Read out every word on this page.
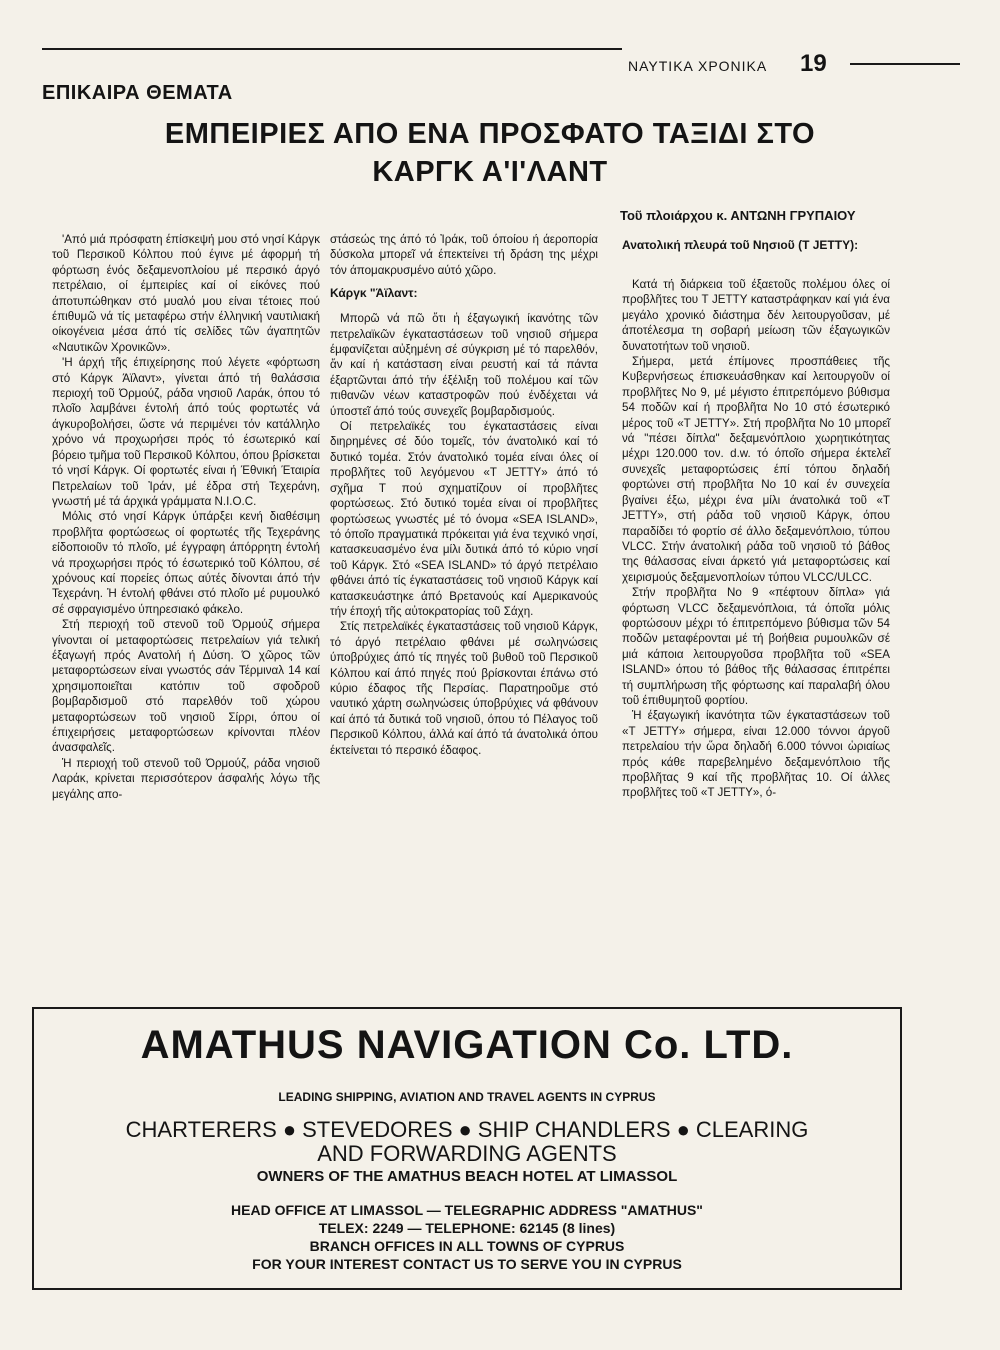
ΝΑΥΤΙΚΑ ΧΡΟΝΙΚΑ 19
ΕΠΙΚΑΙΡΑ ΘΕΜΑΤΑ
ΕΜΠΕΙΡΙΕΣ ΑΠΟ ΕΝΑ ΠΡΟΣΦΑΤΟ ΤΑΞΙΔΙ ΣΤΟ
ΚΑΡΓΚ Α'Ι'ΛΑΝΤ
Τοῦ πλοιάρχου κ. ΑΝΤΩΝΗ ΓΡΥΠΑΙΟΥ

'Από μιά πρόσφατη έπίσκεψή μου στό νησί Κάργκ τοῦ Περσικοῦ Κόλπου πού έγινε μέ άφορμή τή φόρτωση ένός δεξαμενοπλοίου μέ περσικό άργό πετρέλαιο, οί έμπειρίες καί οί είκόνες πού άποτυπώθηκαν στό μυαλό μου είναι τέτοιες πού έπιθυμῶ νά τίς μεταφέρω στήν έλληνική ναυτιλιακή οίκογένεια μέσα άπό τίς σελίδες τῶν άγαπητῶν «Ναυτικῶν Χρονικῶν».

'Η άρχή τῆς έπιχείρησης πού λέγετε «φόρτωση στό Κάργκ Άϊλαντ», γίνεται άπό τή θαλάσσια περιοχή τοῦ Όρμούζ, ράδα νησιοῦ Λαράκ, όπου τό πλοῖο λαμβάνει έντολή άπό τούς φορτωτές νά άγκυροβολήσει, ὥστε νά περιμένει τόν κατάλληλο χρόνο νά προχωρήσει πρός τό έσωτερικό καί βόρειο τμῆμα τοῦ Περσικοῦ Κόλπου, όπου βρίσκεται τό νησί Κάργκ. Οί φορτωτές είναι ή Έθνική Έταιρία Πετρελαίων τοῦ Ἰράν, μέ έδρα στή Τεχεράνη, γνωστή μέ τά άρχικά γράμματα Ν.Ι.Ο.C.

Μόλις στό νησί Κάργκ ύπάρξει κενή διαθέσιμη προβλῆτα φορτώσεως οί φορτωτές τῆς Τεχεράνης είδοποιοῦν τό πλοῖο, μέ έγγραφη άπόρρητη έντολή νά προχωρήσει πρός τό έσωτερικό τοῦ Κόλπου, σέ χρόνους καί πορείες όπως αύτές δίνονται άπό τήν Τεχεράνη. Ἡ έντολή φθάνει στό πλοῖο μέ ρυμουλκό σέ σφραγισμένο ύπηρεσιακό φάκελο.

Στή περιοχή τοῦ στενοῦ τοῦ Όρμούζ σήμερα γίνονται οί μεταφορτώσεις πετρελαίων γιά τελική έξαγωγή πρός Ανατολή ή Δύση. Ό χῶρος τῶν μεταφορτώσεων είναι γνωστός σάν Τέρμιναλ 14 καί χρησιμοποιεῖται κατόπιν τοῦ σφοδροῦ βομβαρδισμοῦ στό παρελθόν τοῦ χώρου μεταφορτώσεων τοῦ νησιοῦ Σίρρι, όπου οί έπιχειρήσεις μεταφορτώσεων κρίνονται πλέον άνασφαλεῖς.

Ἡ περιοχή τοῦ στενοῦ τοῦ Όρμούζ, ράδα νησιοῦ Λαράκ, κρίνεται περισσότερον άσφαλής λόγω τῆς μεγάλης απο-

στάσεώς της άπό τό Ἰράκ, τοῦ όποίου ή άεροπορία δύσκολα μπορεῖ νά έπεκτείνει τή δράση της μέχρι τόν άπομακρυσμένο αύτό χῶρο.

Κάργκ "Άϊλαντ:

Μπορῶ νά πῶ ὅτι ἡ έξαγωγική ίκανότης τῶν πετρελαϊκῶν έγκαταστάσεων τοῦ νησιοῦ σήμερα έμφανίζεται αὐξημένη σέ σύγκριση μέ τό παρελθόν, ἄν καί ή κατάσταση είναι ρευστή καί τά πάντα έξαρτῶνται άπό τήν έξέλιξη τοῦ πολέμου καί τῶν πιθανῶν νέων καταστροφῶν πού ένδέχεται νά ύποστεῖ άπό τούς συνεχεῖς βομβαρδισμούς.

Οί πετρελαϊκές του έγκαταστάσεις είναι διηρημένες σέ δύο τομεῖς, τόν άνατολικό καί τό δυτικό τομέα. Στόν άνατολικό τομέα είναι όλες οί προβλῆτες τοῦ λεγόμενου «T JETTY» άπό τό σχῆμα Τ πού σχηματίζουν οί προβλῆτες φορτώσεως. Στό δυτικό τομέα είναι οί προβλῆτες φορτώσεως γνωστές μέ τό όνομα «SEA ISLAND», τό όποῖο πραγματικά πρόκειται γιά ένα τεχνικό νησί, κατασκευασμένο ένα μίλι δυτικά άπό τό κύριο νησί τοῦ Κάργκ. Στό «SEA ISLAND» τό άργό πετρέλαιο φθάνει άπό τίς έγκαταστάσεις τοῦ νησιοῦ Κάργκ καί κατασκευάστηκε άπό Βρετανούς καί Αμερικανούς τήν έποχή τῆς αὐτοκρατορίας τοῦ Σάχη.

Στίς πετρελαϊκές έγκαταστάσεις τοῦ νησιοῦ Κάργκ, τό άργό πετρέλαιο φθάνει μέ σωληνώσεις ύποβρύχιες άπό τίς πηγές τοῦ βυθοῦ τοῦ Περσικοῦ Κόλπου καί άπό πηγές πού βρίσκονται έπάνω στό κύριο έδαφος τῆς Περσίας. Παρατηροῦμε στό ναυτικό χάρτη σωληνώσεις ύποβρύχιες νά φθάνουν καί άπό τά δυτικά τοῦ νησιοῦ, όπου τό Πέλαγος τοῦ Περσικοῦ Κόλπου, άλλά καί άπό τά άνατολικά όπου έκτείνεται τό περσικό έδαφος.

Ανατολική πλευρά τοῦ Νησιοῦ (Τ JETTY):

Κατά τή διάρκεια τοῦ έξαετοῦς πολέμου όλες οί προβλῆτες του Τ JETTY καταστράφηκαν καί γιά ένα μεγάλο χρονικό διάστημα δέν λειτουργοῦσαν, μέ άποτέλεσμα τη σοβαρή μείωση τῶν έξαγωγικῶν δυνατοτήτων τοῦ νησιοῦ.

Σήμερα, μετά έπίμονες προσπάθειες τῆς Κυβερνήσεως έπισκευάσθηκαν καί λειτουργοῦν οί προβλῆτες Νο 9, μέ μέγιστο έπιτρεπόμενο βύθισμα 54 ποδῶν καί ή προβλῆτα Νο 10 στό έσωτερικό μέρος τοῦ «Τ JETTY». Στή προβλῆτα Νο 10 μπορεῖ νά "πέσει δίπλα" δεξαμενόπλοιο χωρητικότητας μέχρι 120.000 τον. d.w. τό όποῖο σήμερα έκτελεῖ συνεχεῖς μεταφορτώσεις έπί τόπου δηλαδή φορτώνει στή προβλῆτα Νο 10 καί έν συνεχεία βγαίνει έξω, μέχρι ένα μίλι άνατολικά τοῦ «Τ JETTY», στή ράδα τοῦ νησιοῦ Κάργκ, όπου παραδίδει τό φορτίο σέ άλλο δεξαμενόπλοιο, τύπου VLCC. Στήν άνατολική ράδα τοῦ νησιοῦ τό βάθος της θάλασσας είναι άρκετό γιά μεταφορτώσεις καί χειρισμούς δεξαμενοπλοίων τύπου VLCC/ULCC.

Στήν προβλῆτα Νο 9 «πέφτουν δίπλα» γιά φόρτωση VLCC δεξαμενόπλοια, τά όποῖα μόλις φορτώσουν μέχρι τό έπιτρεπόμενο βύθισμα τῶν 54 ποδῶν μεταφέρονται μέ τή βοήθεια ρυμουλκῶν σέ μιά κάποια λειτουργοῦσα προβλῆτα τοῦ «SEA ISLAND» όπου τό βάθος τῆς θάλασσας έπιτρέπει τή συμπλήρωση τῆς φόρτωσης καί παραλαβή όλου τοῦ έπιθυμητοῦ φορτίου.

Ἡ έξαγωγική ίκανότητα τῶν έγκαταστάσεων τοῦ «Τ JETTY» σήμερα, είναι 12.000 τόννοι άργοῦ πετρελαίου τήν ὥρα δηλαδή 6.000 τόννοι ὡριαίως πρός κάθε παρεβελημένο δεξαμενόπλοιο τῆς προβλῆτας 9 καί τῆς προβλῆτας 10. Οί άλλες προβλῆτες τοῦ «Τ JETTY», ό-

AMATHUS NAVIGATION Co. LTD.
LEADING SHIPPING, AVIATION AND TRAVEL AGENTS IN CYPRUS
CHARTERERS ● STEVEDORES ● SHIP CHANDLERS ● CLEARING
AND FORWARDING AGENTS
OWNERS OF THE AMATHUS BEACH HOTEL AT LIMASSOL
HEAD OFFICE AT LIMASSOL — TELEGRAPHIC ADDRESS "AMATHUS"
TELEX: 2249 — TELEPHONE: 62145 (8 lines)
BRANCH OFFICES IN ALL TOWNS OF CYPRUS
FOR YOUR INTEREST CONTACT US TO SERVE YOU IN CYPRUS
